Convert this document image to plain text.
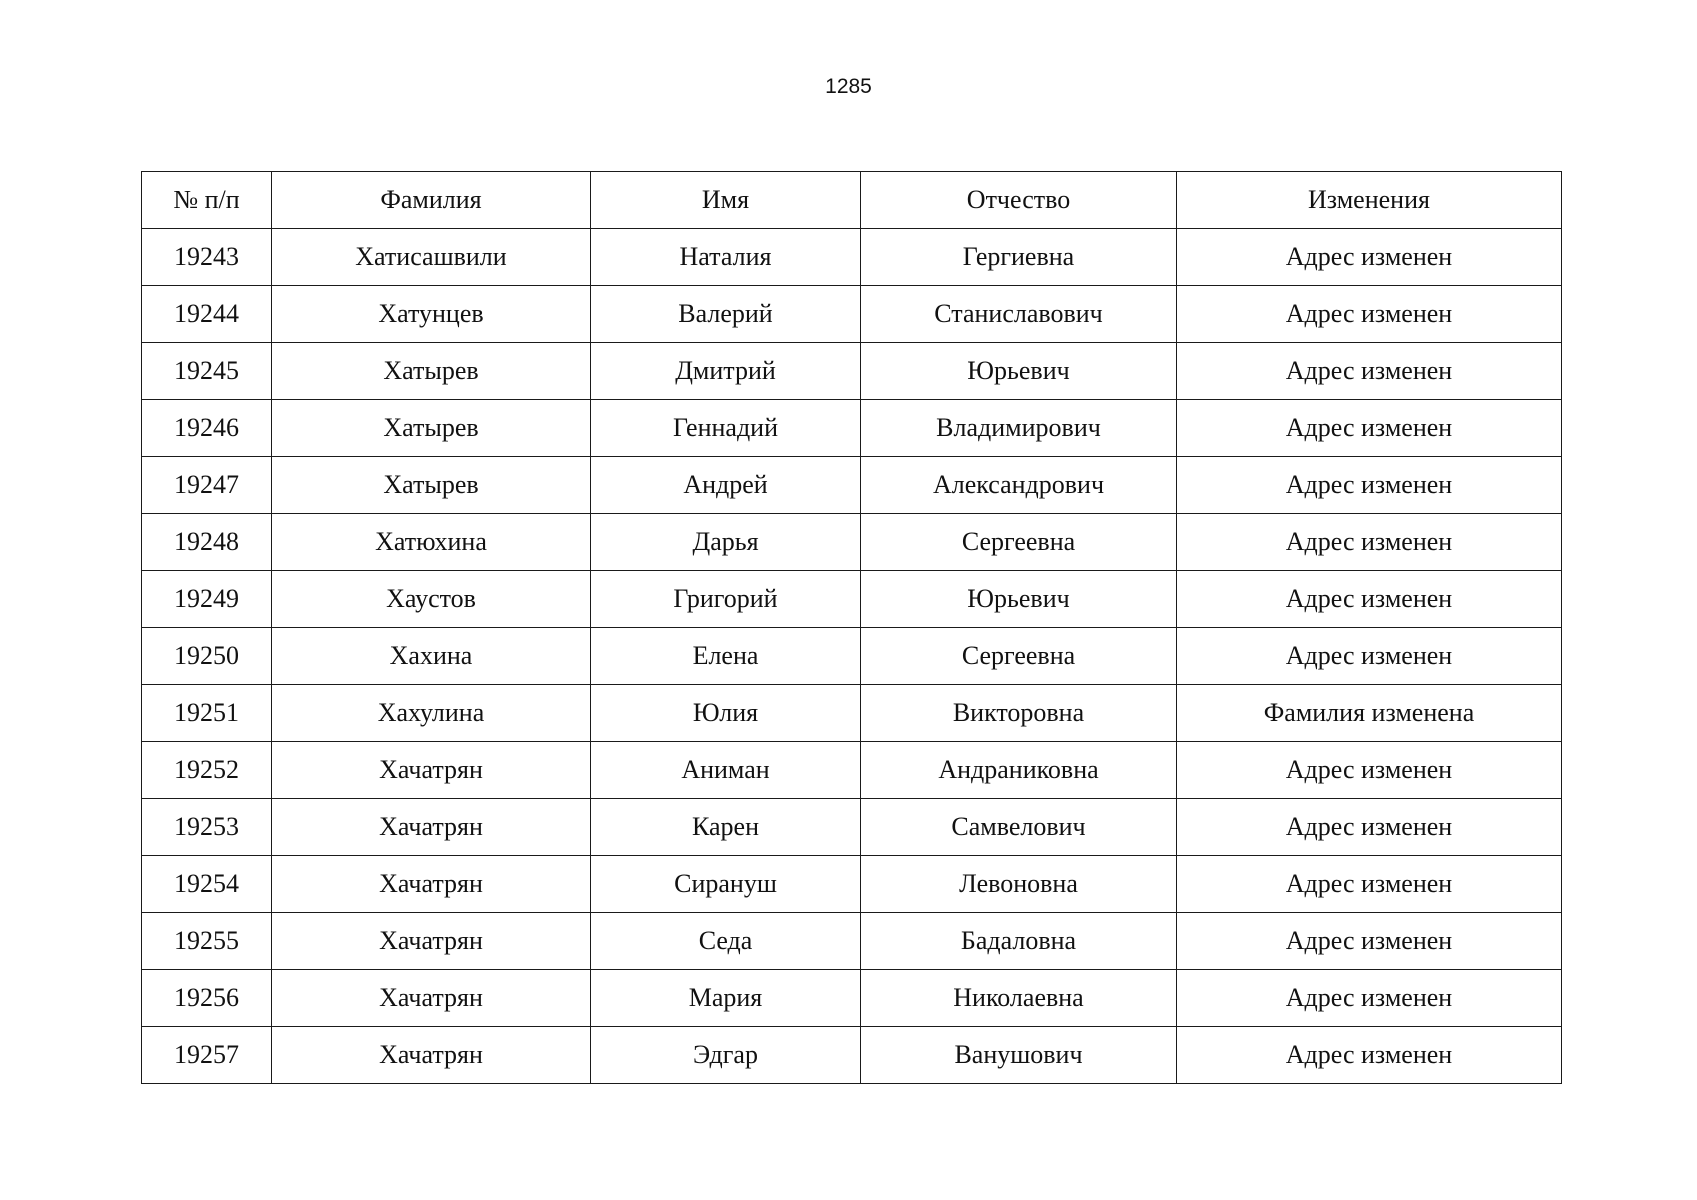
1285
№ п/п	Фамилия	Имя	Отчество	Изменения
19243	Хатисашвили	Наталия	Гергиевна	Адрес изменен
19244	Хатунцев	Валерий	Станиславович	Адрес изменен
19245	Хатырев	Дмитрий	Юрьевич	Адрес изменен
19246	Хатырев	Геннадий	Владимирович	Адрес изменен
19247	Хатырев	Андрей	Александрович	Адрес изменен
19248	Хатюхина	Дарья	Сергеевна	Адрес изменен
19249	Хаустов	Григорий	Юрьевич	Адрес изменен
19250	Хахина	Елена	Сергеевна	Адрес изменен
19251	Хахулина	Юлия	Викторовна	Фамилия изменена
19252	Хачатрян	Аниман	Андраниковна	Адрес изменен
19253	Хачатрян	Карен	Самвелович	Адрес изменен
19254	Хачатрян	Сирануш	Левоновна	Адрес изменен
19255	Хачатрян	Седа	Бадаловна	Адрес изменен
19256	Хачатрян	Мария	Николаевна	Адрес изменен
19257	Хачатрян	Эдгар	Ванушович	Адрес изменен
